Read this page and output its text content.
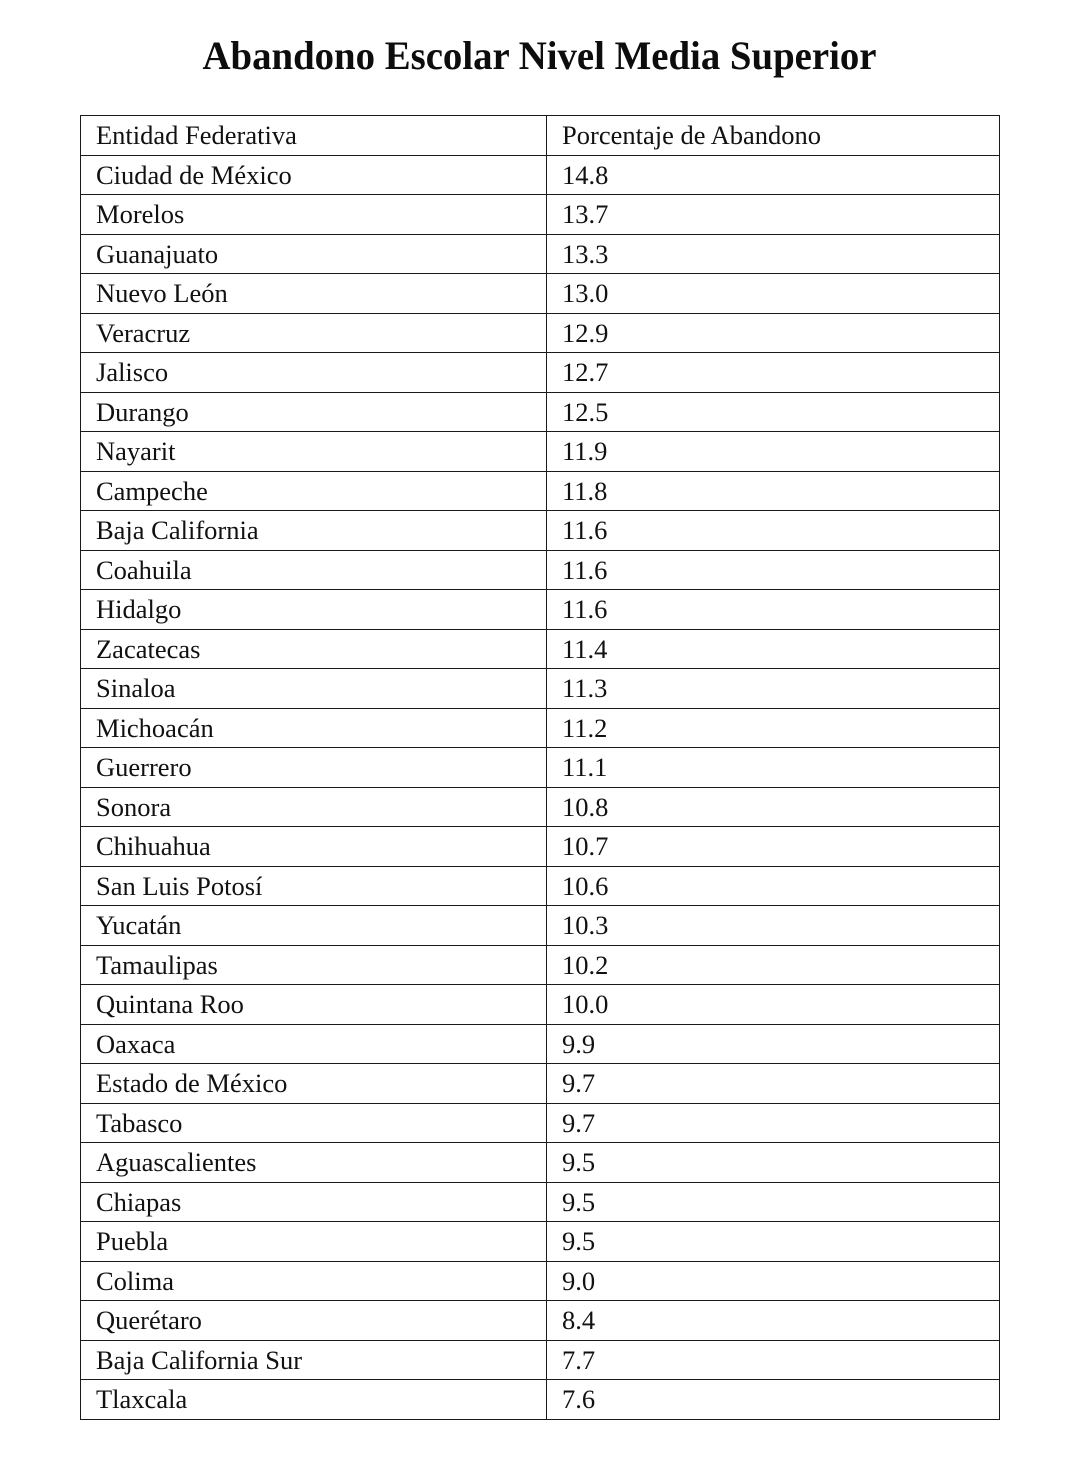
Abandono Escolar Nivel Media Superior
Entidad Federativa	Porcentaje de Abandono
Ciudad de México	14.8
Morelos	13.7
Guanajuato	13.3
Nuevo León	13.0
Veracruz	12.9
Jalisco	12.7
Durango	12.5
Nayarit	11.9
Campeche	11.8
Baja California	11.6
Coahuila	11.6
Hidalgo	11.6
Zacatecas	11.4
Sinaloa	11.3
Michoacán	11.2
Guerrero	11.1
Sonora	10.8
Chihuahua	10.7
San Luis Potosí	10.6
Yucatán	10.3
Tamaulipas	10.2
Quintana Roo	10.0
Oaxaca	9.9
Estado de México	9.7
Tabasco	9.7
Aguascalientes	9.5
Chiapas	9.5
Puebla	9.5
Colima	9.0
Querétaro	8.4
Baja California Sur	7.7
Tlaxcala	7.6
